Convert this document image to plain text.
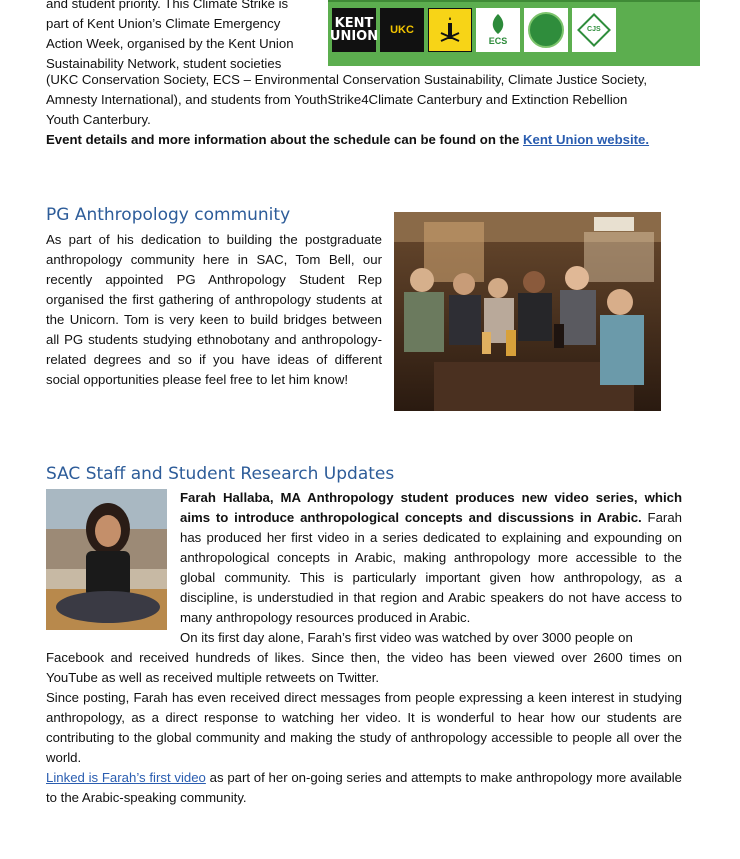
and student priority. This Climate Strike is
part of Kent Union’s Climate Emergency
Action Week, organised by the Kent Union
Sustainability Network, student societies
KENT UNION UKC
ECS
CJS
(UKC Conservation Society, ECS – Environmental Conservation Sustainability, Climate Justice Society,
Amnesty International), and students from YouthStrike4Climate Canterbury and Extinction Rebellion
Youth Canterbury.
Event details and more information about the schedule can be found on the Kent Union website.
PG Anthropology community
As part of his dedication to building the postgraduate anthropology community here in SAC, Tom Bell, our recently appointed PG Anthropology Student Rep organised the first gathering of anthropology students at the Unicorn. Tom is very keen to build bridges between all PG students studying ethnobotany and anthropology-related degrees and so if you have ideas of different social opportunities please feel free to let him know!
SAC Staff and Student Research Updates
Farah Hallaba, MA Anthropology student produces new video series, which aims to introduce anthropological concepts and discussions in Arabic. Farah has produced her first video in a series dedicated to explaining and expounding on anthropological concepts in Arabic, making anthropology more accessible to the global community. This is particularly important given how anthropology, as a discipline, is understudied in that region and Arabic speakers do not have access to many anthropology resources produced in Arabic.

On its first day alone, Farah’s first video was watched by over 3000 people on
Facebook and received hundreds of likes. Since then, the video has been viewed over 2600 times on YouTube as well as received multiple retweets on Twitter.

Since posting, Farah has even received direct messages from people expressing a keen interest in studying anthropology, as a direct response to watching her video. It is wonderful to hear how our students are contributing to the global community and making the study of anthropology accessible to people all over the world.

Linked is Farah’s first video as part of her on-going series and attempts to make anthropology more available to the Arabic-speaking community.
